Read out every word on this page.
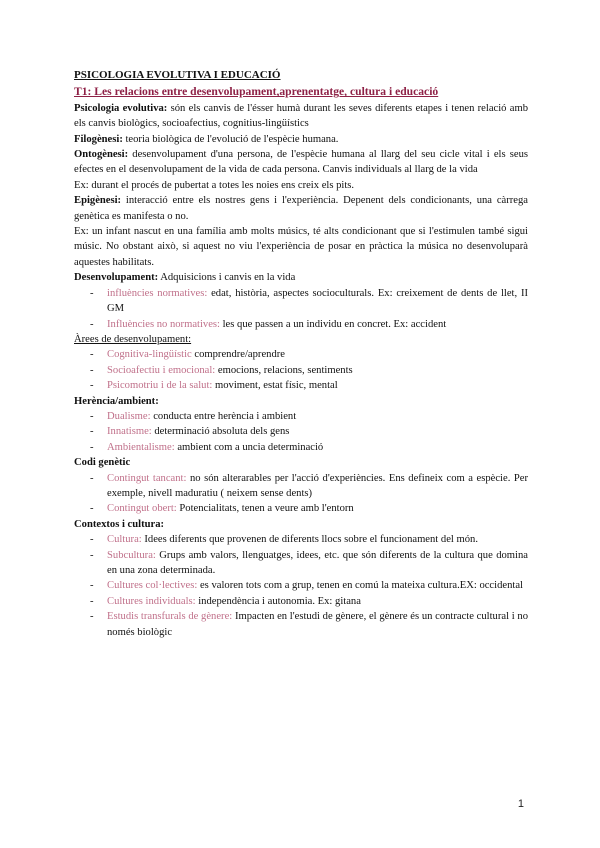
PSICOLOGIA EVOLUTIVA I EDUCACIÓ
T1: Les relacions entre desenvolupament,aprenentatge, cultura i educació
Psicologia evolutiva: són els canvis de l'ésser humà durant les seves diferents etapes i tenen relació amb els canvis biològics, socioafectius, cognitius-lingüístics
Filogènesi: teoria biològica de l'evolució de l'espècie humana.
Ontogènesi: desenvolupament d'una persona, de l'espècie humana al llarg del seu cicle vital i els seus efectes en el desenvolupament de la vida de cada persona. Canvis individuals al llarg de la vida
Ex: durant el procés de pubertat a totes les noies ens creix els pits.
Epigènesi: interacció entre els nostres gens i l'experiència. Depenent dels condicionants, una càrrega genètica es manifesta o no.
Ex: un infant nascut en una família amb molts músics, té alts condicionant que si l'estimulen també sigui músic. No obstant això, si aquest no viu l'experiència de posar en pràctica la música no desenvoluparà aquestes habilitats.
Desenvolupament: Adquisicions i canvis en la vida
- influències normatives: edat, història, aspectes socioculturals. Ex: creixement de dents de llet, II GM
- Influències no normatives: les que passen a un individu en concret. Ex: accident
Àrees de desenvolupament:
- Cognitiva-lingüístic comprendre/aprendre
- Socioafectiu i emocional: emocions, relacions, sentiments
- Psicomotriu i de la salut: moviment, estat físic, mental
Herència/ambient:
- Dualisme: conducta entre herència i ambient
- Innatisme: determinació absoluta dels gens
- Ambientalisme: ambient com a uncia determinació
Codi genètic
- Contingut tancant: no són alterarables per l'acció d'experiències. Ens defineix com a espècie. Per exemple, nivell maduratiu ( neixem sense dents)
- Contingut obert: Potencialitats, tenen a veure amb l'entorn
Contextos i cultura:
- Cultura: Idees diferents que provenen de diferents llocs sobre el funcionament del món.
- Subcultura: Grups amb valors, llenguatges, idees, etc. que són diferents de la cultura que domina en una zona determinada.
- Cultures col·lectives: es valoren tots com a grup, tenen en comú la mateixa cultura.EX: occidental
- Cultures individuals: independència i autonomia. Ex: gitana
- Estudis transfurals de gènere: Impacten en l'estudi de gènere, el gènere és un contracte cultural i no només biològic
1
